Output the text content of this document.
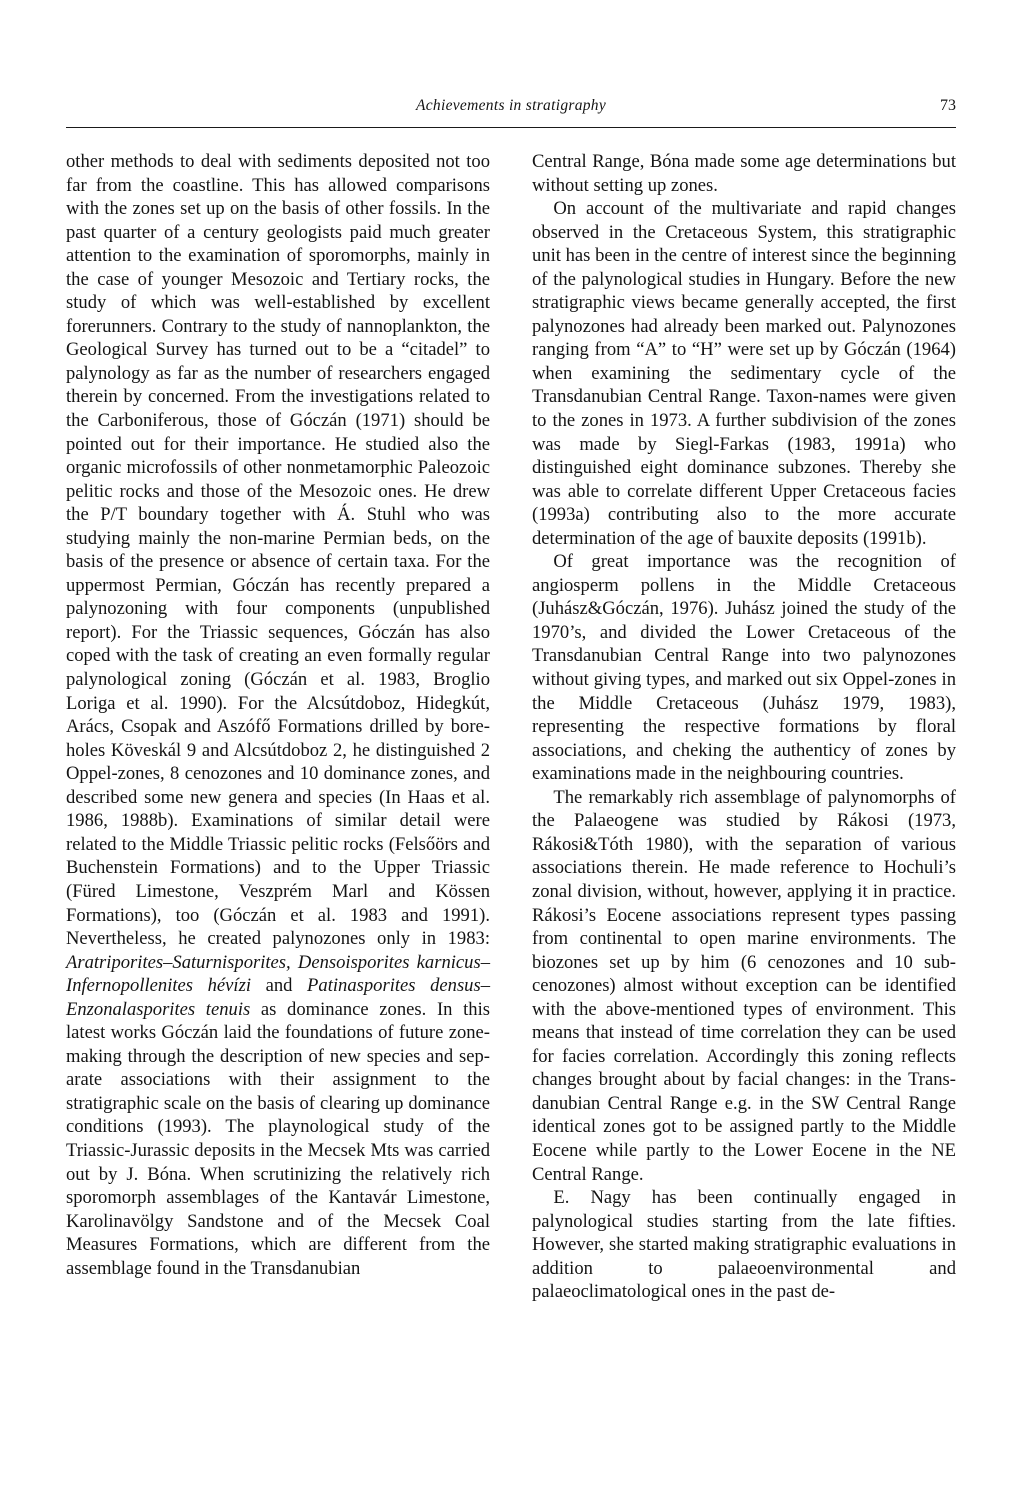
Achievements in stratigraphy	73

other methods to deal with sediments deposited not too far from the coastline. This has allowed comparisons with the zones set up on the basis of other fossils. In the past quarter of a century geologists paid much greater attention to the examination of sporomorphs, mainly in the case of younger Mesozoic and Tertiary rocks, the study of which was well-established by excellent forerunners. Contrary to the study of nannoplankton, the Geological Survey has turned out to be a “citadel” to palynology as far as the number of researchers engaged therein by concerned. From the investigations related to the Carboniferous, those of Góczán (1971) should be pointed out for their importance. He studied also the organic microfossils of other nonmetamorphic Paleozoic pelitic rocks and those of the Mesozoic ones. He drew the P/T boundary together with Á. Stuhl who was studying mainly the non-marine Permian beds, on the basis of the presence or absence of certain taxa. For the uppermost Permian, Góczán has recently prepared a palynozoning with four components (unpublished report). For the Triassic sequences, Góczán has also coped with the task of creating an even formally regular palynological zoning (Góczán et al. 1983, Broglio Loriga et al. 1990). For the Alcsútdoboz, Hidegkút, Arács, Csopak and Aszófő Formations drilled by boreholes Köveskál 9 and Alcsútdoboz 2, he distinguished 2 Oppel-zones, 8 cenozones and 10 dominance zones, and described some new genera and species (In Haas et al. 1986, 1988b). Examinations of similar detail were related to the Middle Triassic pelitic rocks (Felsőörs and Buchenstein Formations) and to the Upper Triassic (Füred Limestone, Veszprém Marl and Kössen Formations), too (Góczán et al. 1983 and 1991). Nevertheless, he created palynozones only in 1983: Aratriporites–Saturnisporites, Densoisporites karnicus–Infernopollenites hévízi and Patinasporites densus–Enzonalasporites tenuis as dominance zones. In this latest works Góczán laid the foundations of future zone-making through the description of new species and separate associations with their assignment to the stratigraphic scale on the basis of clearing up dominance conditions (1993). The playnological study of the Triassic-Jurassic deposits in the Mecsek Mts was carried out by J. Bóna. When scrutinizing the relatively rich sporomorph assemblages of the Kantavár Limestone, Karolinavölgy Sandstone and of the Mecsek Coal Measures Formations, which are different from the assemblage found in the Transdanubian

Central Range, Bóna made some age determinations but without setting up zones.

On account of the multivariate and rapid changes observed in the Cretaceous System, this stratigraphic unit has been in the centre of interest since the beginning of the palynological studies in Hungary. Before the new stratigraphic views became generally accepted, the first palynozones had already been marked out. Palynozones ranging from “A” to “H” were set up by Góczán (1964) when examining the sedimentary cycle of the Transdanubian Central Range. Taxon-names were given to the zones in 1973. A further subdivision of the zones was made by Siegl-Farkas (1983, 1991a) who distinguished eight dominance subzones. Thereby she was able to correlate different Upper Cretaceous facies (1993a) contributing also to the more accurate determination of the age of bauxite deposits (1991b).

Of great importance was the recognition of angiosperm pollens in the Middle Cretaceous (Juhász&Góczán, 1976). Juhász joined the study of the 1970’s, and divided the Lower Cretaceous of the Transdanubian Central Range into two palynozones without giving types, and marked out six Oppel-zones in the Middle Cretaceous (Juhász 1979, 1983), representing the respective formations by floral associations, and cheking the authenticy of zones by examinations made in the neighbouring countries.

The remarkably rich assemblage of palynomorphs of the Palaeogene was studied by Rákosi (1973, Rákosi&Tóth 1980), with the separation of various associations therein. He made reference to Hochuli’s zonal division, without, however, applying it in practice. Rákosi’s Eocene associations represent types passing from continental to open marine environments. The biozones set up by him (6 cenozones and 10 sub-cenozones) almost without exception can be identified with the above-mentioned types of environment. This means that instead of time correlation they can be used for facies correlation. Accordingly this zoning reflects changes brought about by facial changes: in the Transdanubian Central Range e.g. in the SW Central Range identical zones got to be assigned partly to the Middle Eocene while partly to the Lower Eocene in the NE Central Range.

E. Nagy has been continually engaged in palynological studies starting from the late fifties. However, she started making stratigraphic evaluations in addition to palaeoenvironmental and palaeoclimatological ones in the past de-
